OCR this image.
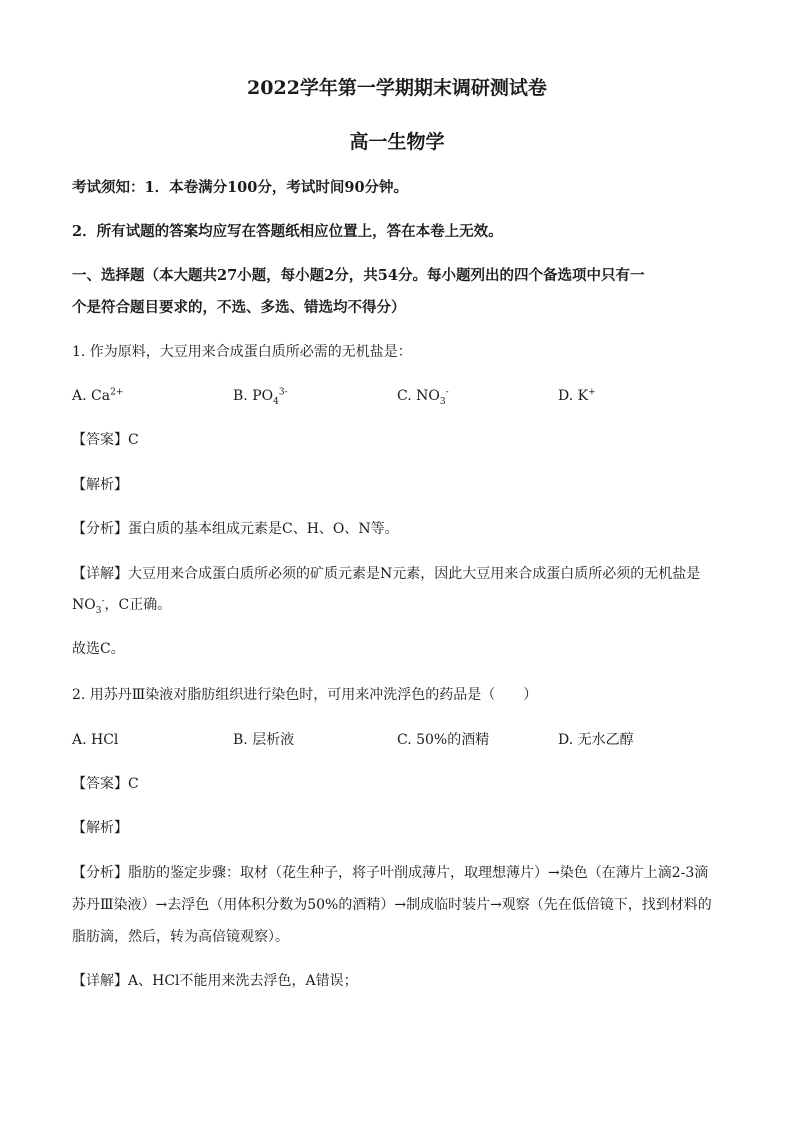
2022学年第一学期期末调研测试卷
高一生物学
考试须知：1．本卷满分100分，考试时间90分钟。
2．所有试题的答案均应写在答题纸相应位置上，答在本卷上无效。
一、选择题（本大题共27小题，每小题2分，共54分。每小题列出的四个备选项中只有一
个是符合题目要求的，不选、多选、错选均不得分）
1. 作为原料，大豆用来合成蛋白质所必需的无机盐是：
A. $Ca^{2+}$	B. $PO_4^{3-}$	C. $NO_3^-$	D. K+
【答案】C
【解析】
【分析】蛋白质的基本组成元素是C、H、O、N等。
【详解】大豆用来合成蛋白质所必须的矿质元素是N元素，因此大豆用来合成蛋白质所必须的无机盐是
$NO_3^-$，C正确。
故选C。
2. 用苏丹Ⅲ染液对脂肪组织进行染色时，可用来冲洗浮色的药品是（　　）
A. HCl	B. 层析液	C. 50%的酒精	D. 无水乙醇
【答案】C
【解析】
【分析】脂肪的鉴定步骤：取材（花生种子，将子叶削成薄片，取理想薄片）→染色（在薄片上滴2-3滴
苏丹Ⅲ染液）→去浮色（用体积分数为50%的酒精）→制成临时装片→观察（先在低倍镜下，找到材料的
脂肪滴，然后，转为高倍镜观察）。
【详解】A、HCl不能用来洗去浮色，A错误；
